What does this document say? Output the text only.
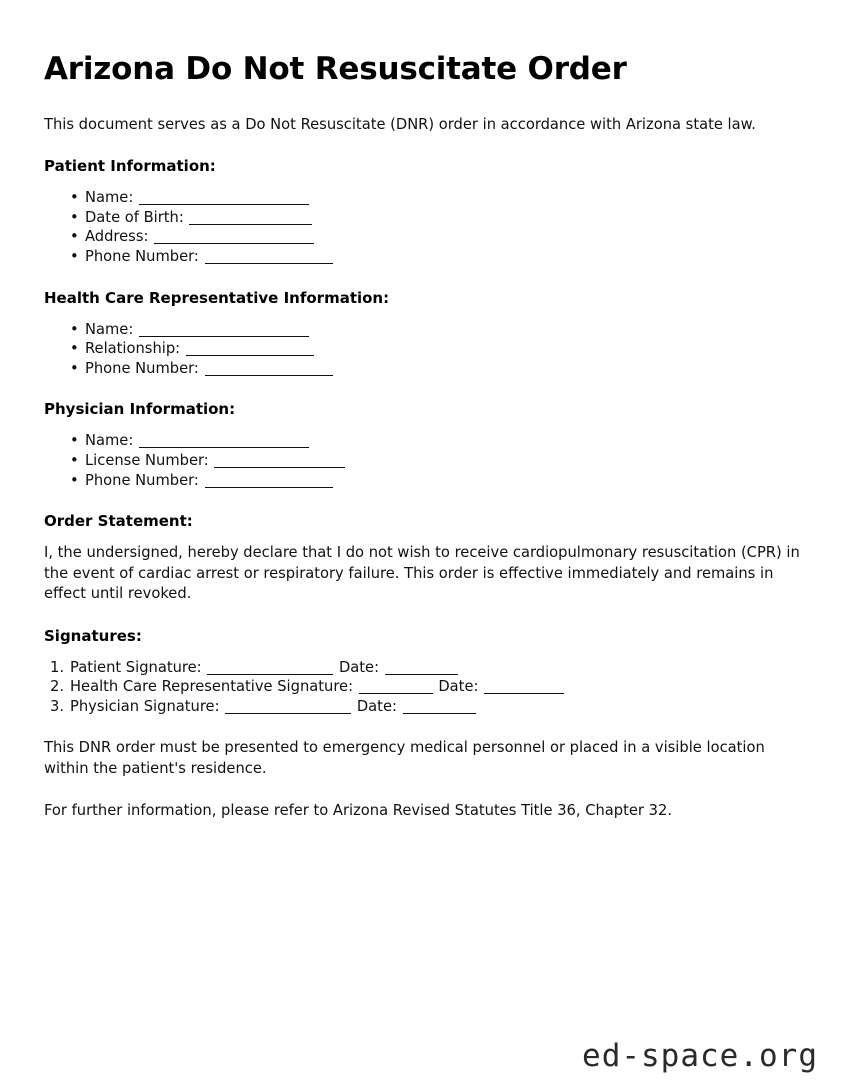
Arizona Do Not Resuscitate Order

This document serves as a Do Not Resuscitate (DNR) order in accordance with Arizona state law.

Patient Information:
• Name:
• Date of Birth:
• Address:
• Phone Number:
Health Care Representative Information:
• Name:
• Relationship:
• Phone Number:
Physician Information:
• Name:
• License Number:
• Phone Number:
Order Statement:

I, the undersigned, hereby declare that I do not wish to receive cardiopulmonary resuscitation (CPR) in the event of cardiac arrest or respiratory failure. This order is effective immediately and remains in effect until revoked.

Signatures:
Patient Signature:	Date:
Health Care Representative Signature:	Date:
Physician Signature:	Date:

This DNR order must be presented to emergency medical personnel or placed in a visible location within the patient's residence.

For further information, please refer to Arizona Revised Statutes Title 36, Chapter 32.

ed-space.org
